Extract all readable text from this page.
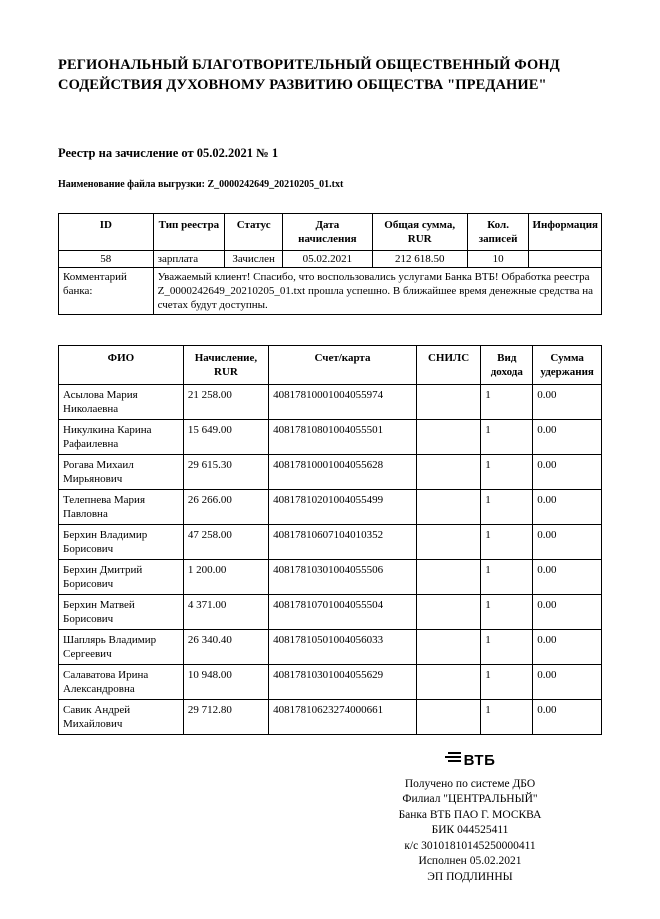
РЕГИОНАЛЬНЫЙ БЛАГОТВОРИТЕЛЬНЫЙ ОБЩЕСТВЕННЫЙ ФОНД СОДЕЙСТВИЯ ДУХОВНОМУ РАЗВИТИЮ ОБЩЕСТВА "ПРЕДАНИЕ"
Реестр на зачисление от 05.02.2021 № 1
Наименование файла выгрузки: Z_0000242649_20210205_01.txt
ID	Тип реестра	Статус	Дата начисления	Общая сумма, RUR	Кол. записей	Информация
58	зарплата	Зачислен	05.02.2021	212 618.50	10	
Комментарий банка:	Уважаемый клиент! Спасибо, что воспользовались услугами Банка ВТБ! Обработка реестра Z_0000242649_20210205_01.txt прошла успешно. В ближайшее время денежные средства на счетах будут доступны.					
ФИО	Начисление, RUR	Счет/карта	СНИЛС	Вид дохода	Сумма удержания
Асылова Мария Николаевна	21 258.00	40817810001004055974		1	0.00
Никулкина Карина Рафаилевна	15 649.00	40817810801004055501		1	0.00
Рогава Михаил Мирьянович	29 615.30	40817810001004055628		1	0.00
Телепнева Мария Павловна	26 266.00	40817810201004055499		1	0.00
Берхин Владимир Борисович	47 258.00	40817810607104010352		1	0.00
Берхин Дмитрий Борисович	1 200.00	40817810301004055506		1	0.00
Берхин Матвей Борисович	4 371.00	40817810701004055504		1	0.00
Шаплярь Владимир Сергеевич	26 340.40	40817810501004056033		1	0.00
Салаватова Ирина Александровна	10 948.00	40817810301004055629		1	0.00
Савик Андрей Михайлович	29 712.80	40817810623274000661		1	0.00
ВТБ
Получено по системе ДБО
Филиал "ЦЕНТРАЛЬНЫЙ"
Банка ВТБ ПАО Г. МОСКВА
БИК 044525411
к/с 30101810145250000411
Исполнен 05.02.2021
ЭП ПОДЛИННЫ
